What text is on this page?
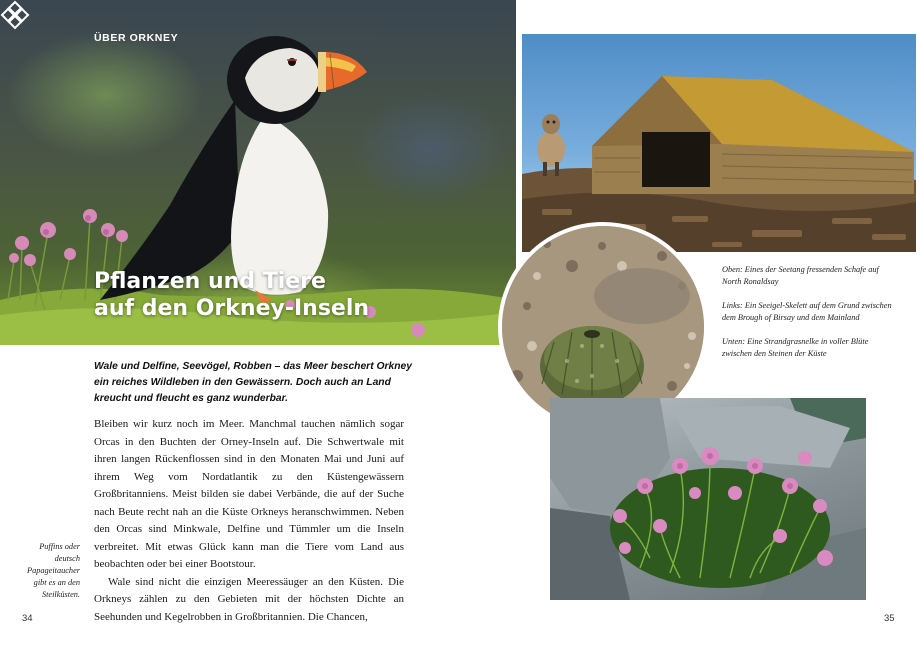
ÜBER ORKNEY
Pflanzen und Tiere
auf den Orkney-Inseln

Wale und Delfine, Seevögel, Robben – das Meer beschert Orkney ein reiches Wildleben in den Gewässern. Doch auch an Land kreucht und fleucht es ganz wunderbar.

Bleiben wir kurz noch im Meer. Manchmal tauchen nämlich sogar Orcas in den Buchten der Orney-Inseln auf. Die Schwertwale mit ihren langen Rückenflossen sind in den Monaten Mai und Juni auf ihrem Weg vom Nordatlantik zu den Küstengewässern Großbritanniens. Meist bilden sie dabei Verbände, die auf der Suche nach Beute recht nah an die Küste Orkneys heranschwimmen. Neben den Orcas sind Minkwale, Delfine und Tümmler um die Inseln verbreitet. Mit etwas Glück kann man die Tiere vom Land aus beobachten oder bei einer Bootstour.

Wale sind nicht die einzigen Meeressäuger an den Küsten. Die Orkneys zählen zu den Gebieten mit der höchsten Dichte an Seehunden und Kegelrobben in Großbritannien. Die Chancen,

Puffins oder deutsch Papageitaucher gibt es an den Steilküsten.

34

Oben: Eines der Seetang fressenden Schafe auf North Ronaldsay

Links: Ein Seeigel-Skelett auf dem Grund zwischen dem Brough of Birsay und dem Mainland

Unten: Eine Strandgrasnelke in voller Blüte zwischen den Steinen der Küste

35
